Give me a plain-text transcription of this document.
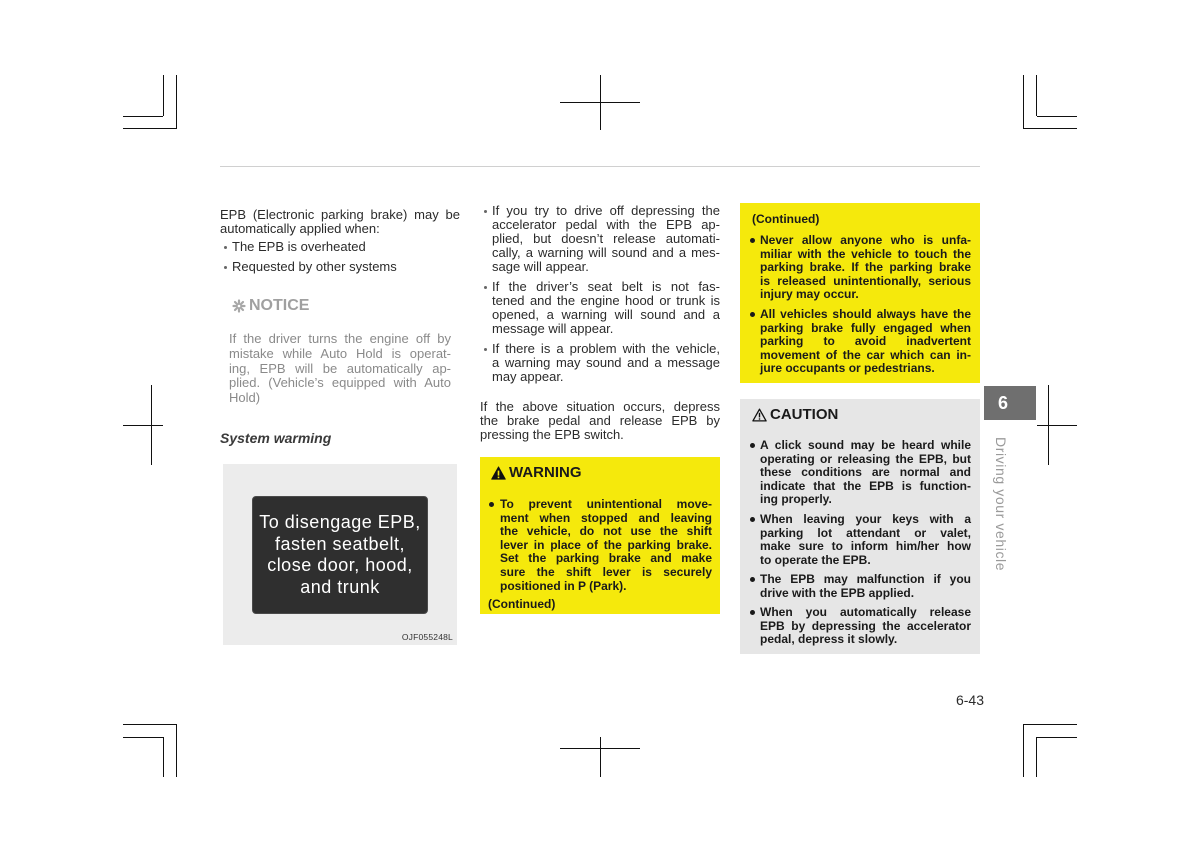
EPB (Electronic parking brake) may be
automatically applied when:
The EPB is overheated
Requested by other systems
NOTICE
If the driver turns the engine off by
mistake while Auto Hold is operat-
ing, EPB will be automatically ap-
plied. (Vehicle’s equipped with Auto
Hold)
System warming
To disengage EPB,
fasten seatbelt,
close door, hood,
and trunk
OJF055248L
If you try to drive off depressing the
accelerator pedal with the EPB ap-
plied, but doesn’t release automati-
cally, a warning will sound and a mes-
sage will appear.
If the driver’s seat belt is not fas-
tened and the engine hood or trunk is
opened, a warning will sound and a
message will appear.
If there is a problem with the vehicle,
a warning may sound and a message
may appear.
If the above situation occurs, depress
the brake pedal and release EPB by
pressing the EPB switch.
WARNING
To prevent unintentional move-
ment when stopped and leaving
the vehicle, do not use the shift
lever in place of the parking brake.
Set the parking brake and make
sure the shift lever is securely
positioned in P (Park).
(Continued)
(Continued)
Never allow anyone who is unfa-
miliar with the vehicle to touch the
parking brake. If the parking brake
is released unintentionally, serious
injury may occur.
All vehicles should always have the
parking brake fully engaged when
parking to avoid inadvertent
movement of the car which can in-
jure occupants or pedestrians.
CAUTION
A click sound may be heard while
operating or releasing the EPB, but
these conditions are normal and
indicate that the EPB is function-
ing properly.
When leaving your keys with a
parking lot attendant or valet,
make sure to inform him/her how
to operate the EPB.
The EPB may malfunction if you
drive with the EPB applied.
When you automatically release
EPB by depressing the accelerator
pedal, depress it slowly.
6
Driving your vehicle
6-43
